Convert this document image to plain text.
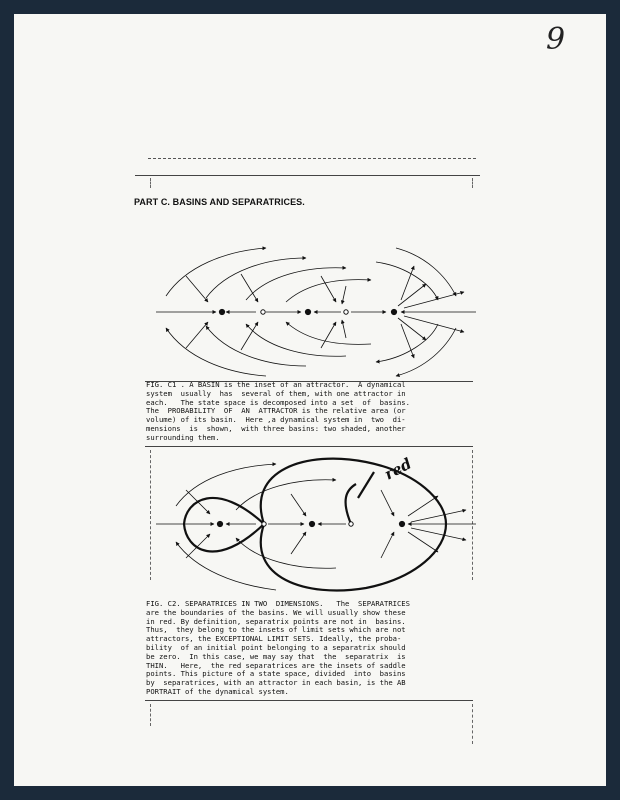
9
PART C. BASINS AND SEPARATRICES.
FIG. C1 . A BASIN is the inset of an attractor.  A dynamical
system  usually  has  several of them, with one attractor in
each.   The state space is decomposed into a set  of  basins.
The  PROBABILITY  OF  AN  ATTRACTOR is the relative area (or
volume) of its basin.  Here ,a dynamical system in  two  di-
mensions  is  shown,  with three basins: two shaded, another
surrounding them.
red
FIG. C2. SEPARATRICES IN TWO  DIMENSIONS.   The  SEPARATRICES
are the boundaries of the basins. We will usually show these
in red. By definition, separatrix points are not in  basins.
Thus,  they belong to the insets of limit sets which are not
attractors, the EXCEPTIONAL LIMIT SETS. Ideally, the proba-
bility  of an initial point belonging to a separatrix should
be zero.  In this case, we may say that  the  separatrix  is
THIN.   Here,  the red separatrices are the insets of saddle
points. This picture of a state space, divided  into  basins
by  separatrices, with an attractor in each basin, is the AB
PORTRAIT of the dynamical system.
